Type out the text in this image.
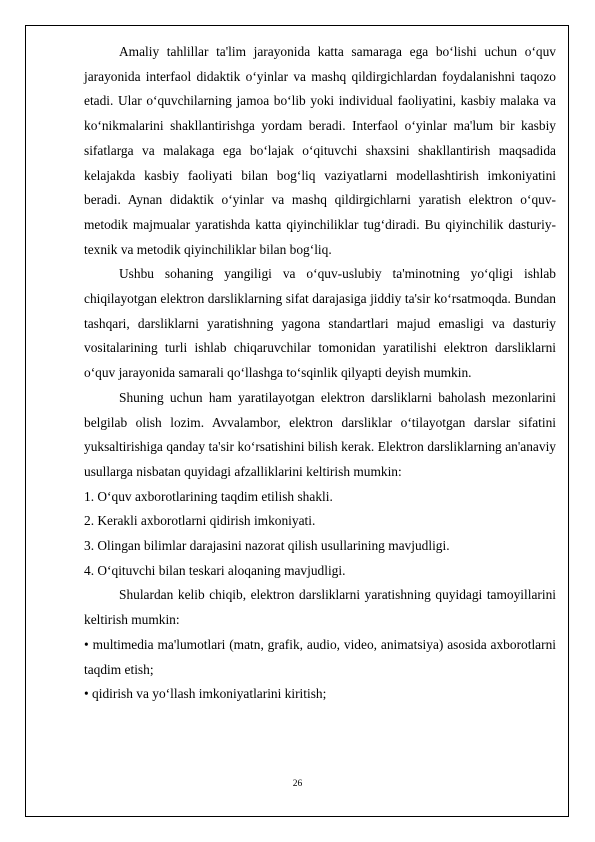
Amaliy tahlillar ta'lim jarayonida katta samaraga ega bo‘lishi uchun o‘quv jarayonida interfaol didaktik o‘yinlar va mashq qildirgichlardan foydalanishni taqozo etadi. Ular o‘quvchilarning jamoa bo‘lib yoki individual faoliyatini, kasbiy malaka va ko‘nikmalarini shakllantirishga yordam beradi. Interfaol o‘yinlar ma'lum bir kasbiy sifatlarga va malakaga ega bo‘lajak o‘qituvchi shaxsini shakllantirish maqsadida kelajakda kasbiy faoliyati bilan bog‘liq vaziyatlarni modellashtirish imkoniyatini beradi. Aynan didaktik o‘yinlar va mashq qildirgichlarni yaratish elektron o‘quv-metodik majmualar yaratishda katta qiyinchiliklar tug‘diradi. Bu qiyinchilik dasturiy-texnik va metodik qiyinchiliklar bilan bog‘liq.

Ushbu sohaning yangiligi va o‘quv-uslubiy ta'minotning yo‘qligi ishlab chiqilayotgan elektron darsliklarning sifat darajasiga jiddiy ta'sir ko‘rsatmoqda. Bundan tashqari, darsliklarni yaratishning yagona standartlari majud emasligi va dasturiy vositalarining turli ishlab chiqaruvchilar tomonidan yaratilishi elektron darsliklarni o‘quv jarayonida samarali qo‘llashga to‘sqinlik qilyapti deyish mumkin.

Shuning uchun ham yaratilayotgan elektron darsliklarni baholash mezonlarini belgilab olish lozim. Avvalambor, elektron darsliklar o‘tilayotgan darslar sifatini yuksaltirishiga qanday ta'sir ko‘rsatishini bilish kerak. Elektron darsliklarning an'anaviy usullarga nisbatan quyidagi afzalliklarini keltirish mumkin:

1. O‘quv axborotlarining taqdim etilish shakli.

2. Kerakli axborotlarni qidirish imkoniyati.

3. Olingan bilimlar darajasini nazorat qilish usullarining mavjudligi.

4. O‘qituvchi bilan teskari aloqaning mavjudligi.

Shulardan kelib chiqib, elektron darsliklarni yaratishning quyidagi tamoyillarini keltirish mumkin:

• multimedia ma'lumotlari (matn, grafik, audio, video, animatsiya) asosida axborotlarni taqdim etish;

• qidirish va yo‘llash imkoniyatlarini kiritish;

26
